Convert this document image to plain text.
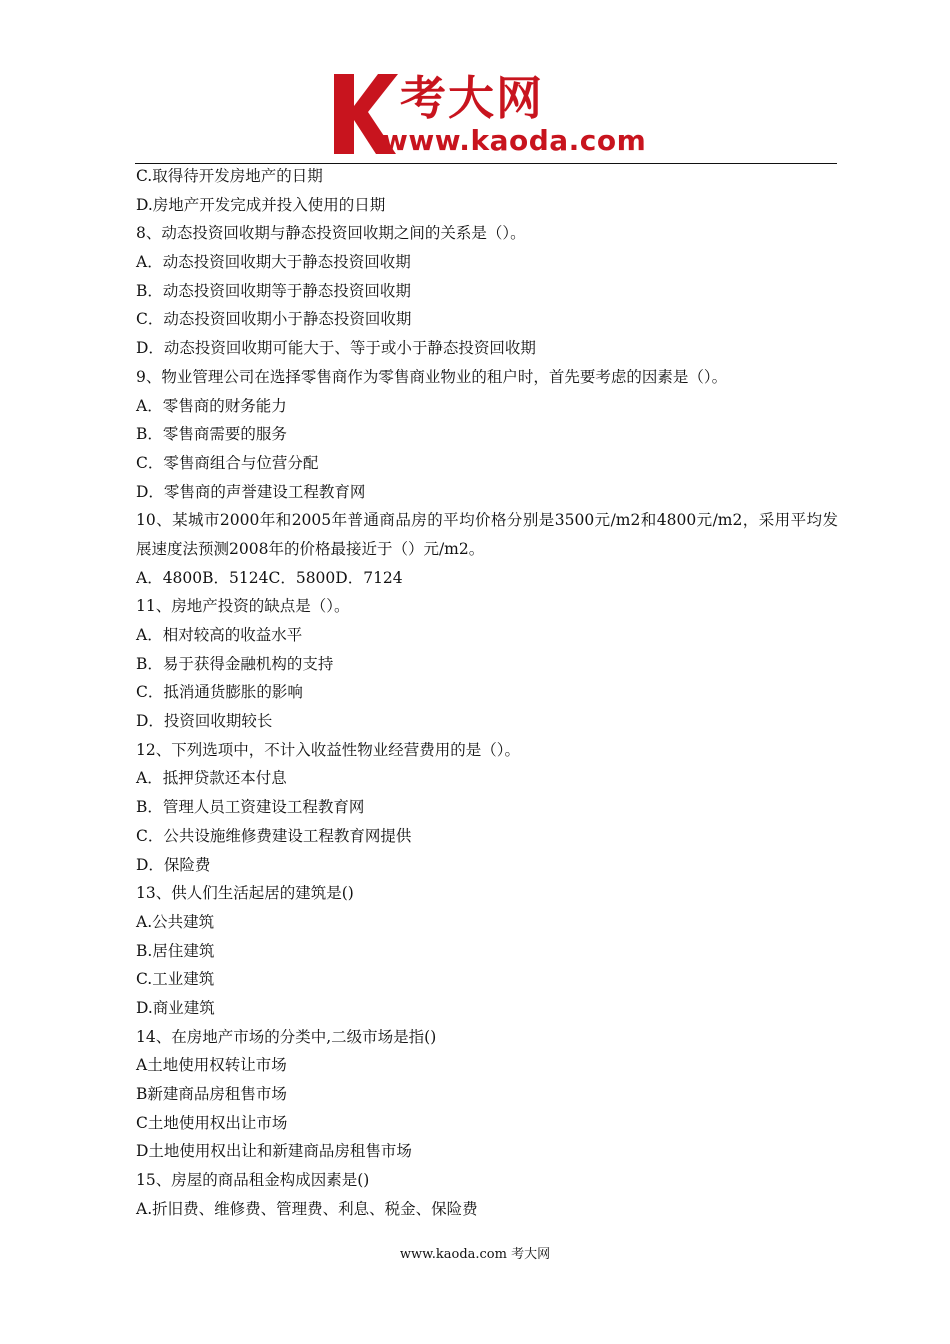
考大网
www.kaoda.com
C.取得待开发房地产的日期
D.房地产开发完成并投入使用的日期
8、动态投资回收期与静态投资回收期之间的关系是（）。
A．动态投资回收期大于静态投资回收期
B．动态投资回收期等于静态投资回收期
C．动态投资回收期小于静态投资回收期
D．动态投资回收期可能大于、等于或小于静态投资回收期
9、物业管理公司在选择零售商作为零售商业物业的租户时，首先要考虑的因素是（）。
A．零售商的财务能力
B．零售商需要的服务
C．零售商组合与位营分配
D．零售商的声誉建设工程教育网
10、某城市2000年和2005年普通商品房的平均价格分别是3500元/m2和4800元/m2，采用平均发展速度法预测2008年的价格最接近于（）元/m2。
A．4800B．5124C．5800D．7124
11、房地产投资的缺点是（）。
A．相对较高的收益水平
B．易于获得金融机构的支持
C．抵消通货膨胀的影响
D．投资回收期较长
12、下列选项中，不计入收益性物业经营费用的是（）。
A．抵押贷款还本付息
B．管理人员工资建设工程教育网
C．公共设施维修费建设工程教育网提供
D．保险费
13、供人们生活起居的建筑是()
A.公共建筑
B.居住建筑
C.工业建筑
D.商业建筑
14、在房地产市场的分类中,二级市场是指()
A土地使用权转让市场
B新建商品房租售市场
C土地使用权出让市场
D土地使用权出让和新建商品房租售市场
15、房屋的商品租金构成因素是()
A.折旧费、维修费、管理费、利息、税金、保险费
www.kaoda.com 考大网
